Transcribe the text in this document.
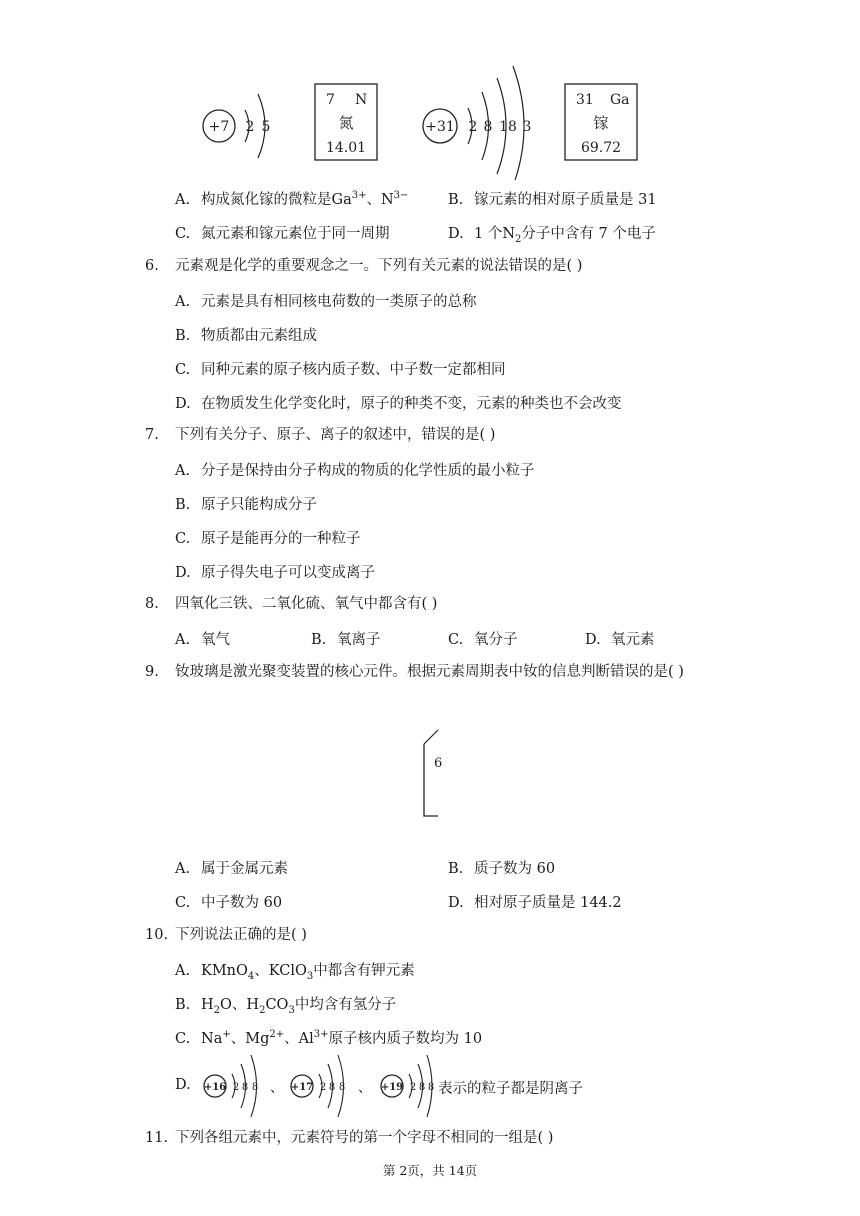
+7 2 5
7 N
氮
14.01
+31 2 8 18 3
31 Ga
镓
69.72
A. 构成氮化镓的微粒是$Ga^{3+}$、$N^{3-}$	B. 镓元素的相对原子质量是 31
C. 氮元素和镓元素位于同一周期	D. 1 个$N_2$分子中含有 7 个电子
6. 元素观是化学的重要观念之一。下列有关元素的说法错误的是( )
A. 元素是具有相同核电荷数的一类原子的总称
B. 物质都由元素组成
C. 同种元素的原子核内质子数、中子数一定都相同
D. 在物质发生化学变化时，原子的种类不变，元素的种类也不会改变
7. 下列有关分子、原子、离子的叙述中，错误的是( )
A. 分子是保持由分子构成的物质的化学性质的最小粒子
B. 原子只能构成分子
C. 原子是能再分的一种粒子
D. 原子得失电子可以变成离子
8. 四氧化三铁、二氧化硫、氧气中都含有( )
A. 氧气	B. 氧离子	C. 氧分子	D. 氧元素
9. 钕玻璃是激光聚变装置的核心元件。根据元素周期表中钕的信息判断错误的是( )
6
A. 属于金属元素	B. 质子数为 60
C. 中子数为 60	D. 相对原子质量是 144.2
10. 下列说法正确的是( )
A. KMnO$_4$、KClO$_3$中都含有钾元素
B. $H_2O$、$H_2CO_3$中均含有氢分子
C. Na+、$Mg^{2+}$、$Al^{3+}$原子核内质子数均为 10
D.	+16 2 8 8 、 +17 2 8 8 、 +19 2 8 8 表示的粒子都是阴离子
11. 下列各组元素中，元素符号的第一个字母不相同的一组是( )
第 2页，共 14页
